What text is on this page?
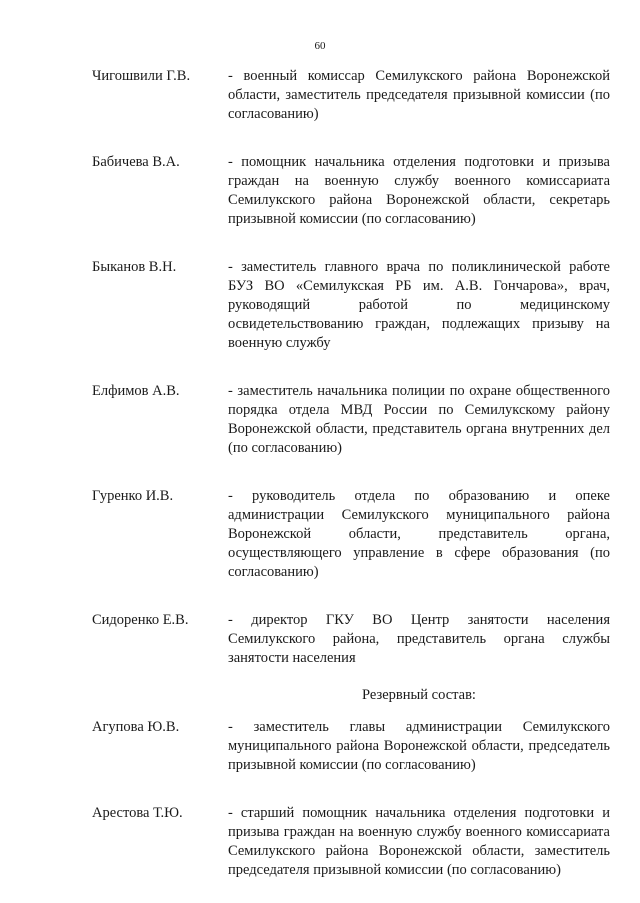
60
Чигошвили Г.В.	- военный комиссар Семилукского района Воронежской области, заместитель председателя призывной комиссии (по согласованию)
Бабичева В.А.	- помощник начальника отделения подготовки и призыва граждан на военную службу военного комиссариата Семилукского района Воронежской области, секретарь призывной комиссии (по согласованию)
Быканов В.Н.	- заместитель главного врача по поликлинической работе БУЗ ВО «Семилукская РБ им. А.В. Гончарова», врач, руководящий работой по медицинскому освидетельствованию граждан, подлежащих призыву на военную службу
Елфимов А.В.	- заместитель начальника полиции по охране общественного порядка отдела МВД России по Семилукскому району Воронежской области, представитель органа внутренних дел (по согласованию)
Гуренко И.В.	- руководитель отдела по образованию и опеке администрации Семилукского муниципального района Воронежской области, представитель органа, осуществляющего управление в сфере образования (по согласованию)
Сидоренко Е.В.	- директор ГКУ ВО Центр занятости населения Семилукского района, представитель органа службы занятости населения
Резервный состав:
Агупова Ю.В.	- заместитель главы администрации Семилукского муниципального района Воронежской области, председатель призывной комиссии (по согласованию)
Арестова Т.Ю.	- старший помощник начальника отделения подготовки и призыва граждан на военную службу военного комиссариата Семилукского района Воронежской области, заместитель председателя призывной комиссии (по согласованию)
